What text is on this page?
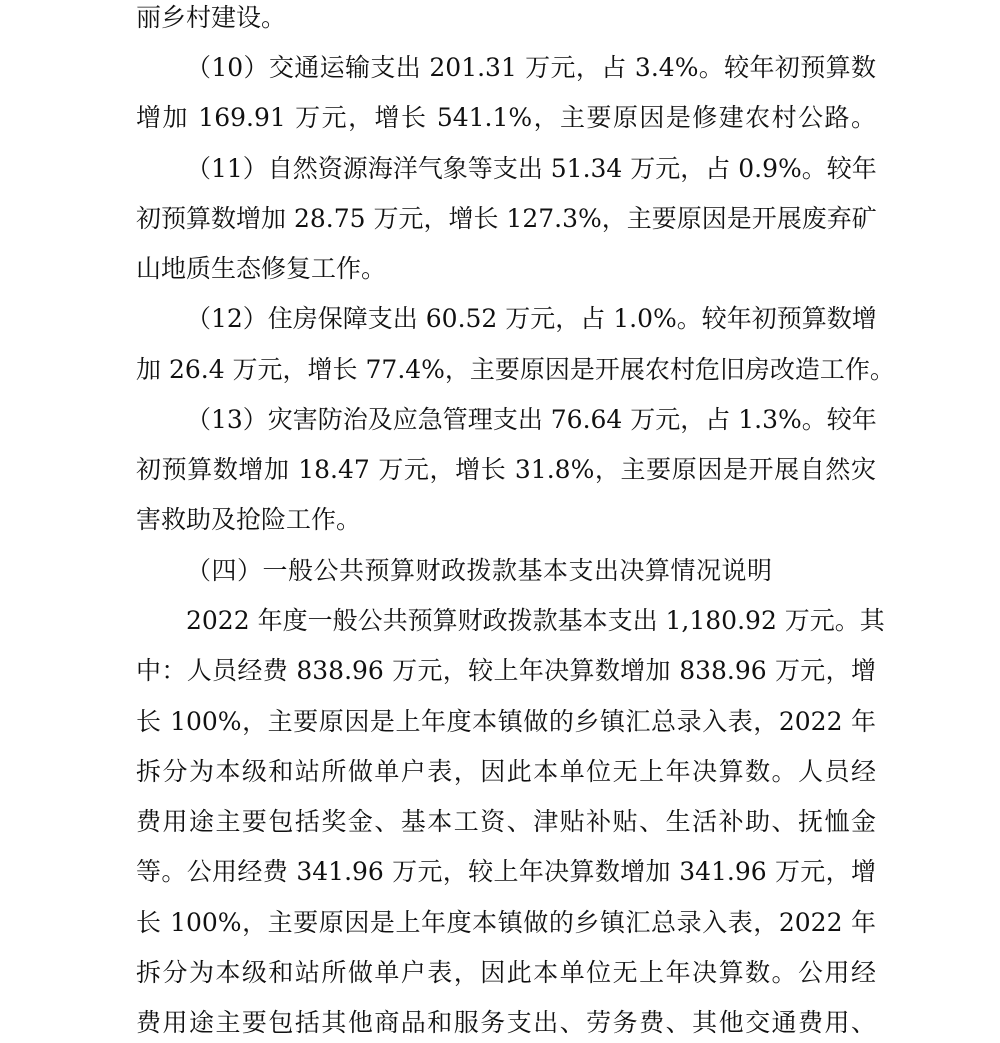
丽乡村建设。
（10）交通运输支出 201.31 万元，占 3.4%。较年初预算数
增加 169.91 万元，增长 541.1%，主要原因是修建农村公路。
（11）自然资源海洋气象等支出 51.34 万元，占 0.9%。较年
初预算数增加 28.75 万元，增长 127.3%，主要原因是开展废弃矿
山地质生态修复工作。
（12）住房保障支出 60.52 万元，占 1.0%。较年初预算数增
加 26.4 万元，增长 77.4%，主要原因是开展农村危旧房改造工作。
（13）灾害防治及应急管理支出 76.64 万元，占 1.3%。较年
初预算数增加 18.47 万元，增长 31.8%，主要原因是开展自然灾
害救助及抢险工作。
（四）一般公共预算财政拨款基本支出决算情况说明
2022 年度一般公共预算财政拨款基本支出 1,180.92 万元。其
中：人员经费 838.96 万元，较上年决算数增加 838.96 万元，增
长 100%，主要原因是上年度本镇做的乡镇汇总录入表，2022 年
拆分为本级和站所做单户表，因此本单位无上年决算数。人员经
费用途主要包括奖金、基本工资、津贴补贴、生活补助、抚恤金
等。公用经费 341.96 万元，较上年决算数增加 341.96 万元，增
长 100%，主要原因是上年度本镇做的乡镇汇总录入表，2022 年
拆分为本级和站所做单户表，因此本单位无上年决算数。公用经
费用途主要包括其他商品和服务支出、劳务费、其他交通费用、
